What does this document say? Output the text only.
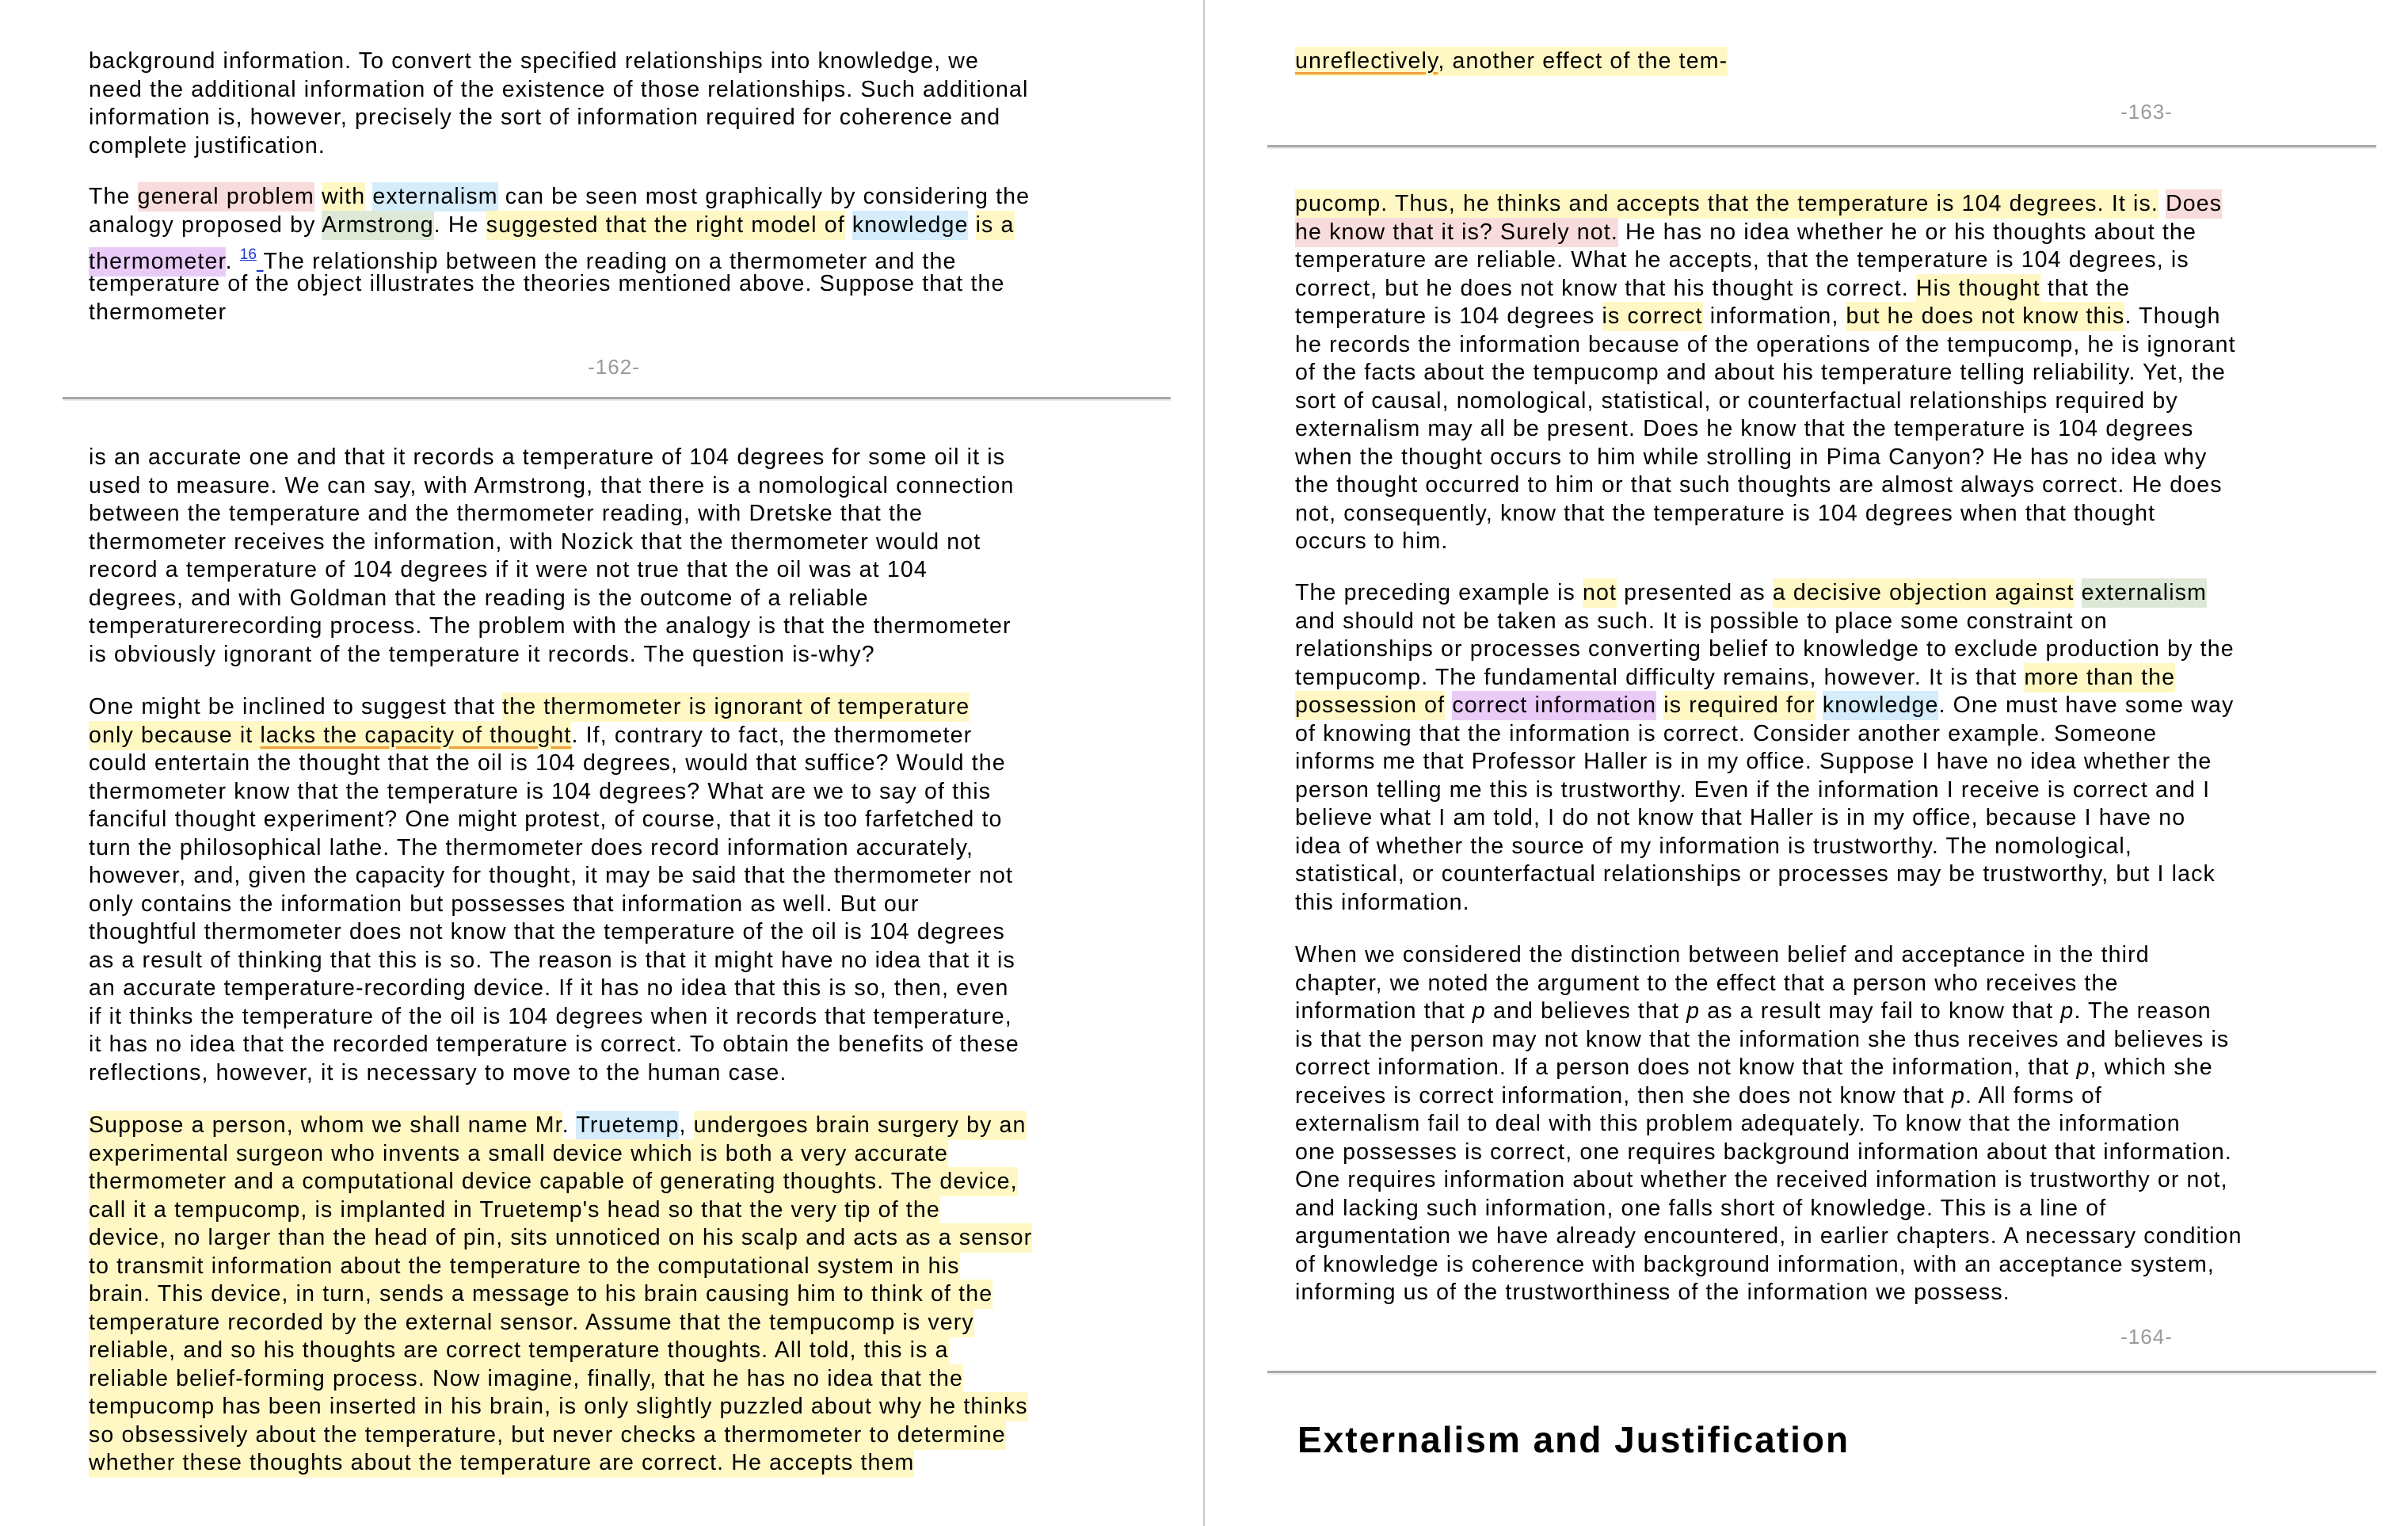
background information. To convert the specified relationships into knowledge, we
need the additional information of the existence of those relationships. Such additional
information is, however, precisely the sort of information required for coherence and
complete justification.
The general problem with externalism can be seen most graphically by considering the
analogy proposed by Armstrong. He suggested that the right model of knowledge is a
thermometer. $^{16}$ The relationship between the reading on a thermometer and the
temperature of the object illustrates the theories mentioned above. Suppose that the
thermometer
-162-
is an accurate one and that it records a temperature of 104 degrees for some oil it is
used to measure. We can say, with Armstrong, that there is a nomological connection
between the temperature and the thermometer reading, with Dretske that the
thermometer receives the information, with Nozick that the thermometer would not
record a temperature of 104 degrees if it were not true that the oil was at 104
degrees, and with Goldman that the reading is the outcome of a reliable
temperaturerecording process. The problem with the analogy is that the thermometer
is obviously ignorant of the temperature it records. The question is-why?
One might be inclined to suggest that the thermometer is ignorant of temperature
only because it lacks the capacity of thought. If, contrary to fact, the thermometer
could entertain the thought that the oil is 104 degrees, would that suffice? Would the
thermometer know that the temperature is 104 degrees? What are we to say of this
fanciful thought experiment? One might protest, of course, that it is too farfetched to
turn the philosophical lathe. The thermometer does record information accurately,
however, and, given the capacity for thought, it may be said that the thermometer not
only contains the information but possesses that information as well. But our
thoughtful thermometer does not know that the temperature of the oil is 104 degrees
as a result of thinking that this is so. The reason is that it might have no idea that it is
an accurate temperature-recording device. If it has no idea that this is so, then, even
if it thinks the temperature of the oil is 104 degrees when it records that temperature,
it has no idea that the recorded temperature is correct. To obtain the benefits of these
reflections, however, it is necessary to move to the human case.
Suppose a person, whom we shall name Mr. Truetemp, undergoes brain surgery by an
experimental surgeon who invents a small device which is both a very accurate
thermometer and a computational device capable of generating thoughts. The device,
call it a tempucomp, is implanted in Truetemp's head so that the very tip of the
device, no larger than the head of pin, sits unnoticed on his scalp and acts as a sensor
to transmit information about the temperature to the computational system in his
brain. This device, in turn, sends a message to his brain causing him to think of the
temperature recorded by the external sensor. Assume that the tempucomp is very
reliable, and so his thoughts are correct temperature thoughts. All told, this is a
reliable belief-forming process. Now imagine, finally, that he has no idea that the
tempucomp has been inserted in his brain, is only slightly puzzled about why he thinks
so obsessively about the temperature, but never checks a thermometer to determine
whether these thoughts about the temperature are correct. He accepts them
unreflectively, another effect of the tem-
-163-
pucomp. Thus, he thinks and accepts that the temperature is 104 degrees. It is. Does
he know that it is? Surely not. He has no idea whether he or his thoughts about the
temperature are reliable. What he accepts, that the temperature is 104 degrees, is
correct, but he does not know that his thought is correct. His thought that the
temperature is 104 degrees is correct information, but he does not know this. Though
he records the information because of the operations of the tempucomp, he is ignorant
of the facts about the tempucomp and about his temperature telling reliability. Yet, the
sort of causal, nomological, statistical, or counterfactual relationships required by
externalism may all be present. Does he know that the temperature is 104 degrees
when the thought occurs to him while strolling in Pima Canyon? He has no idea why
the thought occurred to him or that such thoughts are almost always correct. He does
not, consequently, know that the temperature is 104 degrees when that thought
occurs to him.
The preceding example is not presented as a decisive objection against externalism
and should not be taken as such. It is possible to place some constraint on
relationships or processes converting belief to knowledge to exclude production by the
tempucomp. The fundamental difficulty remains, however. It is that more than the
possession of correct information is required for knowledge. One must have some way
of knowing that the information is correct. Consider another example. Someone
informs me that Professor Haller is in my office. Suppose I have no idea whether the
person telling me this is trustworthy. Even if the information I receive is correct and I
believe what I am told, I do not know that Haller is in my office, because I have no
idea of whether the source of my information is trustworthy. The nomological,
statistical, or counterfactual relationships or processes may be trustworthy, but I lack
this information.
When we considered the distinction between belief and acceptance in the third
chapter, we noted the argument to the effect that a person who receives the
information that p and believes that p as a result may fail to know that p. The reason
is that the person may not know that the information she thus receives and believes is
correct information. If a person does not know that the information, that p, which she
receives is correct information, then she does not know that p. All forms of
externalism fail to deal with this problem adequately. To know that the information
one possesses is correct, one requires background information about that information.
One requires information about whether the received information is trustworthy or not,
and lacking such information, one falls short of knowledge. This is a line of
argumentation we have already encountered, in earlier chapters. A necessary condition
of knowledge is coherence with background information, with an acceptance system,
informing us of the trustworthiness of the information we possess.
-164-
Externalism and Justification
